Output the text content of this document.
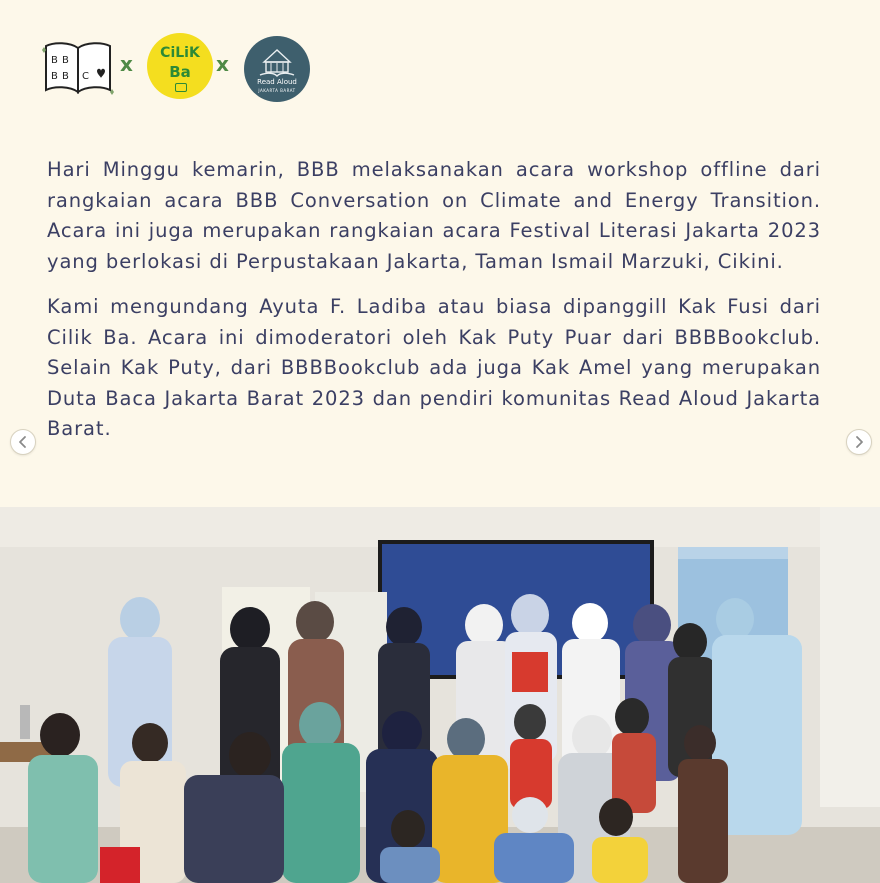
B B
B B C
x	CiLiK
Ba	x
Read Aloud
JAKARTA BARAT

Hari Minggu kemarin, BBB melaksanakan acara workshop offline dari rangkaian acara BBB Conversation on Climate and Energy Transition. Acara ini juga merupakan rangkaian acara Festival Literasi Jakarta 2023 yang berlokasi di Perpustakaan Jakarta, Taman Ismail Marzuki, Cikini.

Kami mengundang Ayuta F. Ladiba atau biasa dipanggill Kak Fusi dari Cilik Ba. Acara ini dimoderatori oleh Kak Puty Puar dari BBBBookclub. Selain Kak Puty, dari BBBBookclub ada juga Kak Amel yang merupakan Duta Baca Jakarta Barat 2023 dan pendiri komunitas Read Aloud Jakarta Barat.
